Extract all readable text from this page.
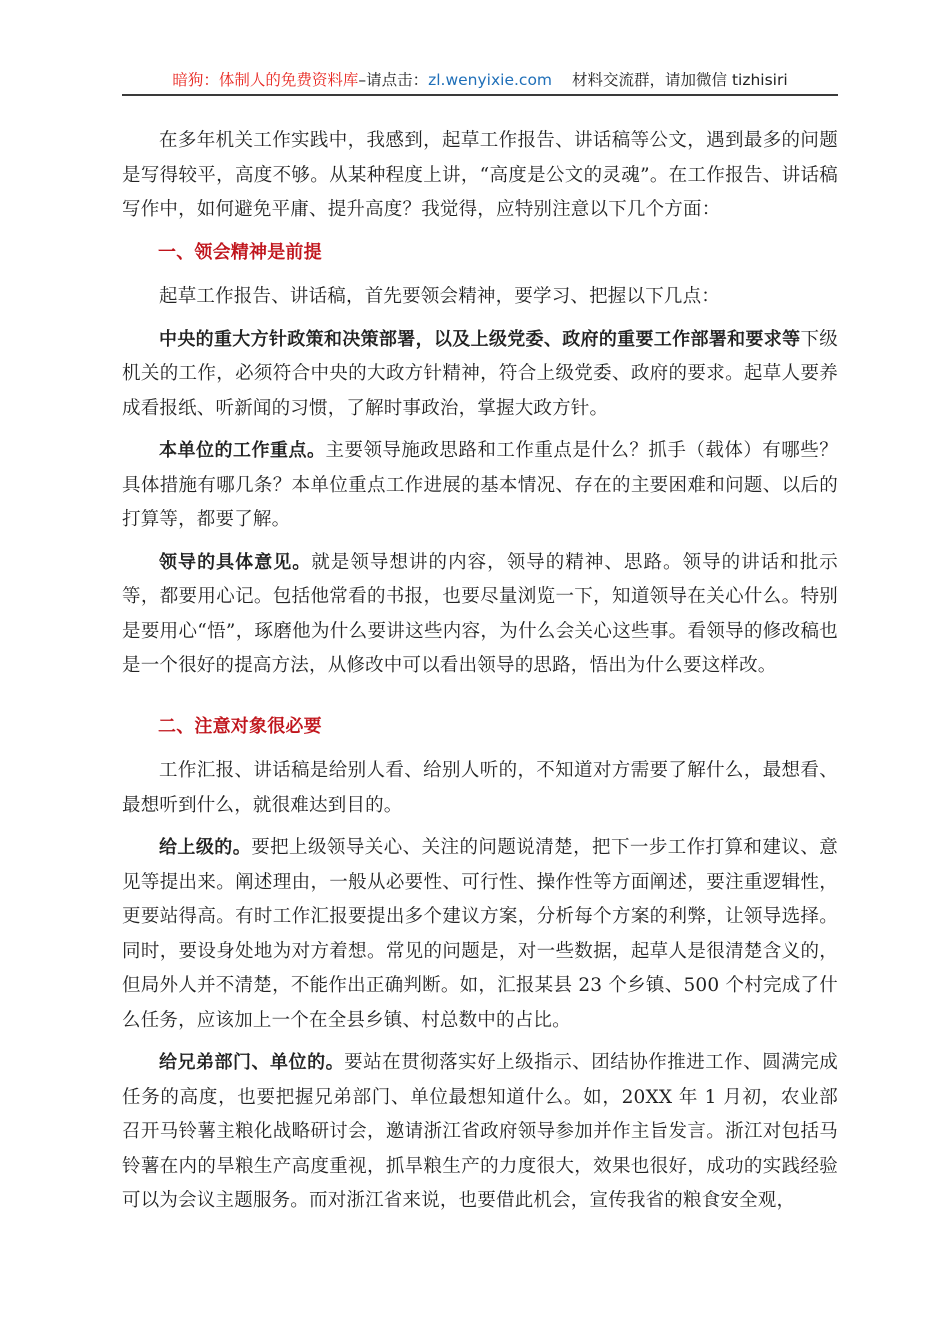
暗狗：体制人的免费资料库–请点击：zl.wenyixie.com 材料交流群，请加微信 tizhisiri

在多年机关工作实践中，我感到，起草工作报告、讲话稿等公文，遇到最多的问题是写得较平，高度不够。从某种程度上讲，“高度是公文的灵魂”。在工作报告、讲话稿写作中，如何避免平庸、提升高度？我觉得，应特别注意以下几个方面：

一、领会精神是前提

起草工作报告、讲话稿，首先要领会精神，要学习、把握以下几点：

中央的重大方针政策和决策部署，以及上级党委、政府的重要工作部署和要求等下级机关的工作，必须符合中央的大政方针精神，符合上级党委、政府的要求。起草人要养成看报纸、听新闻的习惯，了解时事政治，掌握大政方针。

本单位的工作重点。主要领导施政思路和工作重点是什么？抓手（载体）有哪些？具体措施有哪几条？本单位重点工作进展的基本情况、存在的主要困难和问题、以后的打算等，都要了解。

领导的具体意见。就是领导想讲的内容，领导的精神、思路。领导的讲话和批示等，都要用心记。包括他常看的书报，也要尽量浏览一下，知道领导在关心什么。特别是要用心“悟”，琢磨他为什么要讲这些内容，为什么会关心这些事。看领导的修改稿也是一个很好的提高方法，从修改中可以看出领导的思路，悟出为什么要这样改。

二、注意对象很必要

工作汇报、讲话稿是给别人看、给别人听的，不知道对方需要了解什么，最想看、最想听到什么，就很难达到目的。

给上级的。要把上级领导关心、关注的问题说清楚，把下一步工作打算和建议、意见等提出来。阐述理由，一般从必要性、可行性、操作性等方面阐述，要注重逻辑性，更要站得高。有时工作汇报要提出多个建议方案，分析每个方案的利弊，让领导选择。同时，要设身处地为对方着想。常见的问题是，对一些数据，起草人是很清楚含义的，但局外人并不清楚，不能作出正确判断。如，汇报某县 23 个乡镇、500 个村完成了什么任务，应该加上一个在全县乡镇、村总数中的占比。

给兄弟部门、单位的。要站在贯彻落实好上级指示、团结协作推进工作、圆满完成任务的高度，也要把握兄弟部门、单位最想知道什么。如，20XX 年 1 月初，农业部召开马铃薯主粮化战略研讨会，邀请浙江省政府领导参加并作主旨发言。浙江对包括马铃薯在内的旱粮生产高度重视，抓旱粮生产的力度很大，效果也很好，成功的实践经验可以为会议主题服务。而对浙江省来说，也要借此机会，宣传我省的粮食安全观，
